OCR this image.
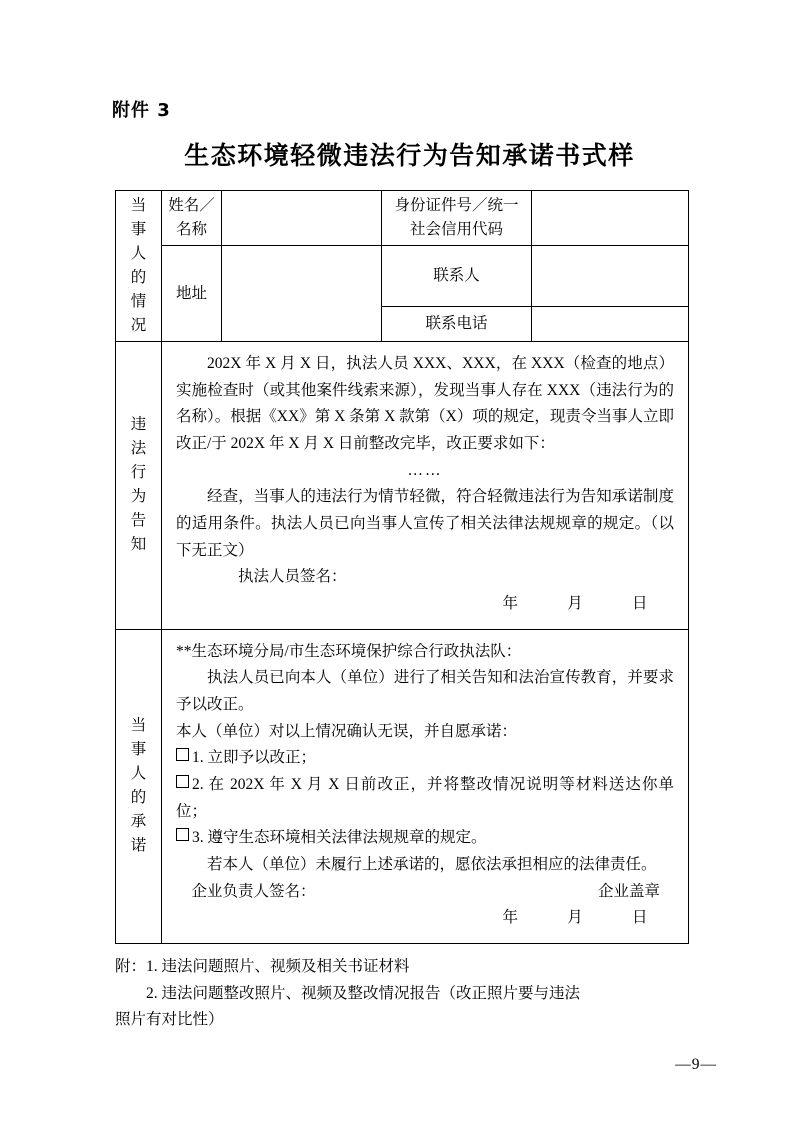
附件 3
生态环境轻微违法行为告知承诺书式样
当
事
人
的
情
况
	姓名／名称		身份证件号／统一社会信用代码	
	地址		联系人	
			联系电话	

违
法
行
为
告
知

202X 年 X 月 X 日，执法人员 XXX、XXX，在 XXX（检查的地点）实施检查时（或其他案件线索来源），发现当事人存在 XXX（违法行为的名称）。根据《XX》第 X 条第 X 款第（X）项的规定，现责令当事人立即改正/于 202X 年 X 月 X 日前整改完毕，改正要求如下：

……

经查，当事人的违法行为情节轻微，符合轻微违法行为告知承诺制度的适用条件。执法人员已向当事人宣传了相关法律法规规章的规定。（以下无正文）

执法人员签名：

年	月	日

当
事
人
的
承
诺

**生态环境分局/市生态环境保护综合行政执法队：

执法人员已向本人（单位）进行了相关告知和法治宣传教育，并要求予以改正。

本人（单位）对以上情况确认无误，并自愿承诺：

1. 立即予以改正；

2. 在 202X 年 X 月 X 日前改正，并将整改情况说明等材料送达你单位；

3. 遵守生态环境相关法律法规规章的规定。

若本人（单位）未履行上述承诺的，愿依法承担相应的法律责任。

企业负责人签名：	企业盖章

年	月	日

附：1. 违法问题照片、视频及相关书证材料

2. 违法问题整改照片、视频及整改情况报告（改正照片要与违法

照片有对比性）

—9—
